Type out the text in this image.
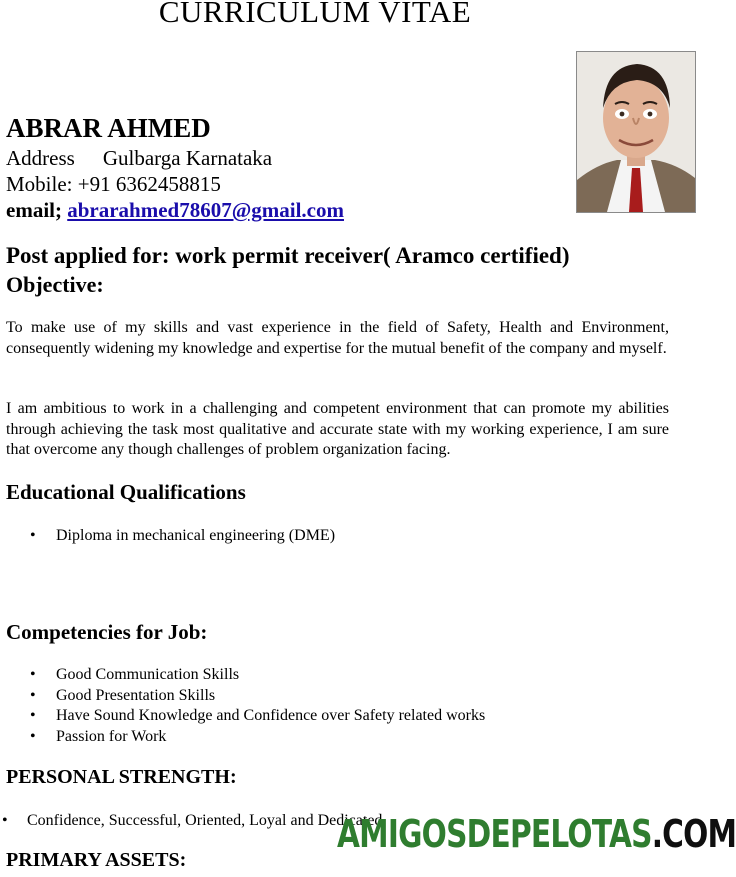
CURRICULUM VITAE
ABRAR AHMED
Address Gulbarga Karnataka
Mobile: +91 6362458815
email; abrarahmed78607@gmail.com
Post applied for: work permit receiver( Aramco certified)
Objective:
To make use of my skills and vast experience in the field of Safety, Health and Environment, consequently widening my knowledge and expertise for the mutual benefit of the company and myself.
I am ambitious to work in a challenging and competent environment that can promote my abilities through achieving the task most qualitative and accurate state with my working experience, I am sure that overcome any though challenges of problem organization facing.
Educational Qualifications
• Diploma in mechanical engineering (DME)
Competencies for Job:
• Good Communication Skills
• Good Presentation Skills
• Have Sound Knowledge and Confidence over Safety related works
• Passion for Work
PERSONAL STRENGTH:
• Confidence, Successful, Oriented, Loyal and Dedicated
PRIMARY ASSETS:
AMIGOSDEPELOTAS.COM
